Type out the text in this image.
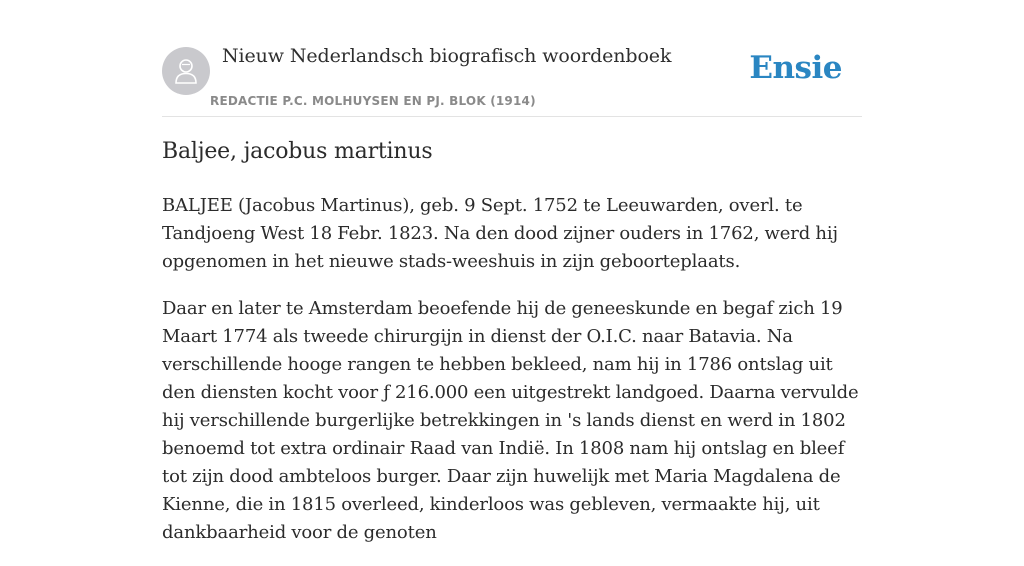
Nieuw Nederlandsch biografisch woordenboek
REDACTIE P.C. MOLHUYSEN EN PJ. BLOK (1914)
Ensie
Baljee, jacobus martinus

BALJEE (Jacobus Martinus), geb. 9 Sept. 1752 te Leeuwarden, overl. te Tandjoeng West 18 Febr. 1823. Na den dood zijner ouders in 1762, werd hij opgenomen in het nieuwe stads-weeshuis in zijn geboorteplaats.

Daar en later te Amsterdam beoefende hij de geneeskunde en begaf zich 19 Maart 1774 als tweede chirurgijn in dienst der O.I.C. naar Batavia. Na verschillende hooge rangen te hebben bekleed, nam hij in 1786 ontslag uit den diensten kocht voor ƒ 216.000 een uitgestrekt landgoed. Daarna vervulde hij verschillende burgerlijke betrekkingen in 's lands dienst en werd in 1802 benoemd tot extra ordinair Raad van Indië. In 1808 nam hij ontslag en bleef tot zijn dood ambteloos burger. Daar zijn huwelijk met Maria Magdalena de Kienne, die in 1815 overleed, kinderloos was gebleven, vermaakte hij, uit dankbaarheid voor de genoten
